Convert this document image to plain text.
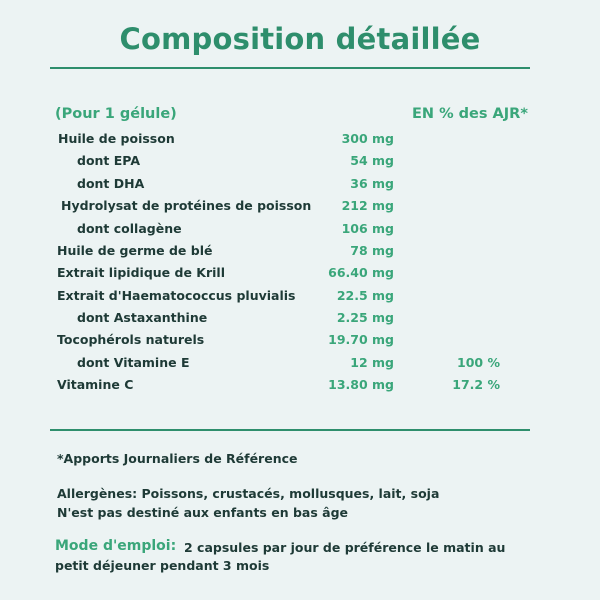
Composition détaillée
(Pour 1 gélule)	EN % des AJR*
Huile de poisson	300 mg
dont EPA	54 mg
dont DHA	36 mg
Hydrolysat de protéines de poisson 212 mg
dont collagène	106 mg
Huile de germe de blé	78 mg
Extrait lipidique de Krill	66.40 mg
Extrait d'Haematococcus pluvialis	22.5 mg
dont Astaxanthine	2.25 mg
Tocophérols naturels	19.70 mg
dont Vitamine E	12 mg	100 %
Vitamine C	13.80 mg	17.2 %
*Apports Journaliers de Référence
Allergènes: Poissons, crustacés, mollusques, lait, soja
N'est pas destiné aux enfants en bas âge
Mode d'emploi: 2 capsules par jour de préférence le matin au
petit déjeuner pendant 3 mois
